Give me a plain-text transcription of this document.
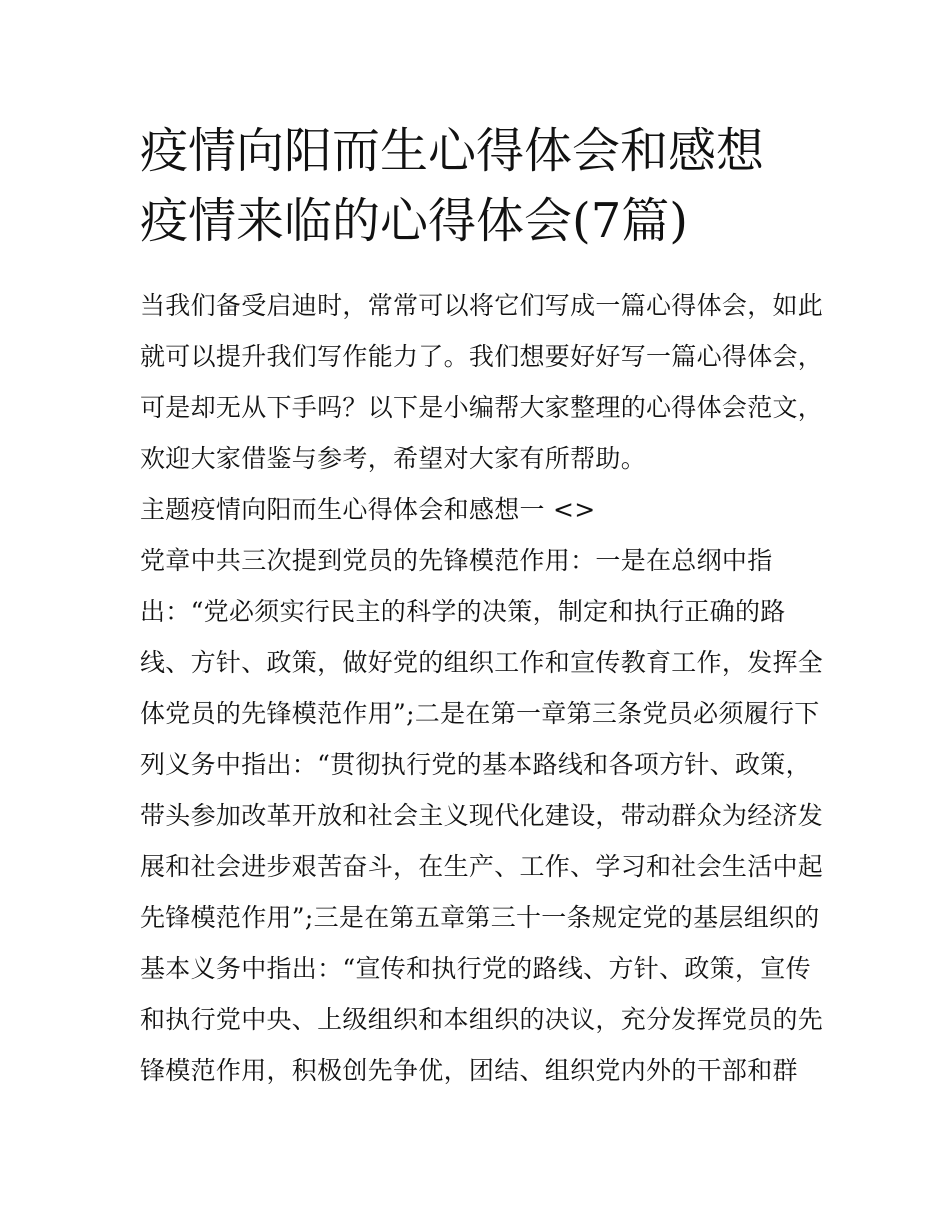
疫情向阳而生心得体会和感想
疫情来临的心得体会(7篇)

当我们备受启迪时，常常可以将它们写成一篇心得体会，如此
就可以提升我们写作能力了。我们想要好好写一篇心得体会，
可是却无从下手吗？以下是小编帮大家整理的心得体会范文，
欢迎大家借鉴与参考，希望对大家有所帮助。

主题疫情向阳而生心得体会和感想一 <>

党章中共三次提到党员的先锋模范作用：一是在总纲中指
出：“党必须实行民主的科学的决策，制定和执行正确的路
线、方针、政策，做好党的组织工作和宣传教育工作，发挥全
体党员的先锋模范作用”;二是在第一章第三条党员必须履行下
列义务中指出：“贯彻执行党的基本路线和各项方针、政策，
带头参加改革开放和社会主义现代化建设，带动群众为经济发
展和社会进步艰苦奋斗，在生产、工作、学习和社会生活中起
先锋模范作用”;三是在第五章第三十一条规定党的基层组织的
基本义务中指出：“宣传和执行党的路线、方针、政策，宣传
和执行党中央、上级组织和本组织的决议，充分发挥党员的先
锋模范作用，积极创先争优，团结、组织党内外的干部和群
